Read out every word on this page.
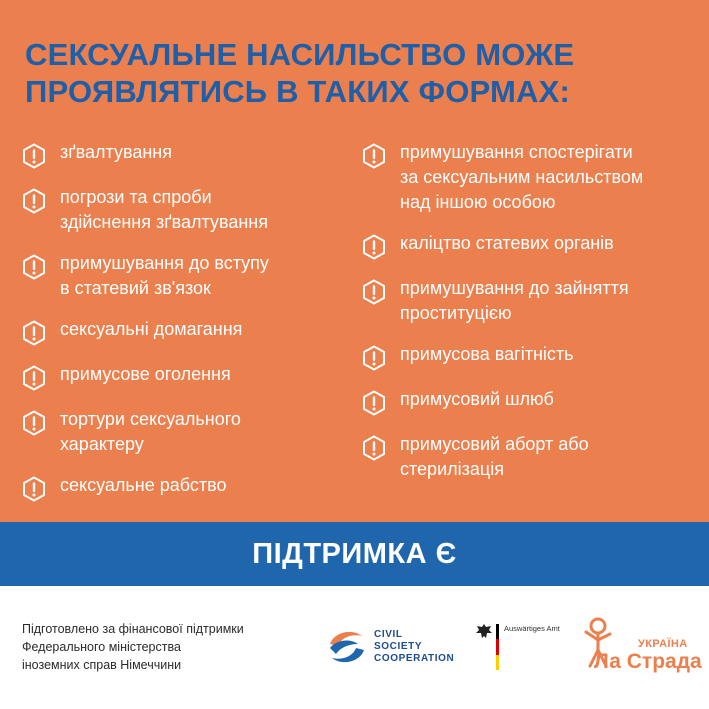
СЕКСУАЛЬНЕ НАСИЛЬСТВО МОЖЕ
ПРОЯВЛЯТИСЬ В ТАКИХ ФОРМАХ:
зґвалтування
погрози та спроби
здійснення зґвалтування
примушування до вступу
в статевий зв'язок
сексуальні домагання
примусове оголення
тортури сексуального
характеру
сексуальне рабство
примушування спостерігати
за сексуальним насильством
над іншою особою
каліцтво статевих органів
примушування до зайняття
проституцією
примусова вагітність
примусовий шлюб
примусовий аборт або
стерилізація
ПІДТРИМКА Є
Підготовлено за фінансової підтримки
Федерального міністерства
іноземних справ Німеччини
CIVIL
SOCIETY
COOPERATION
Auswärtiges Amt
УКРАЇНА
Ла Страда
